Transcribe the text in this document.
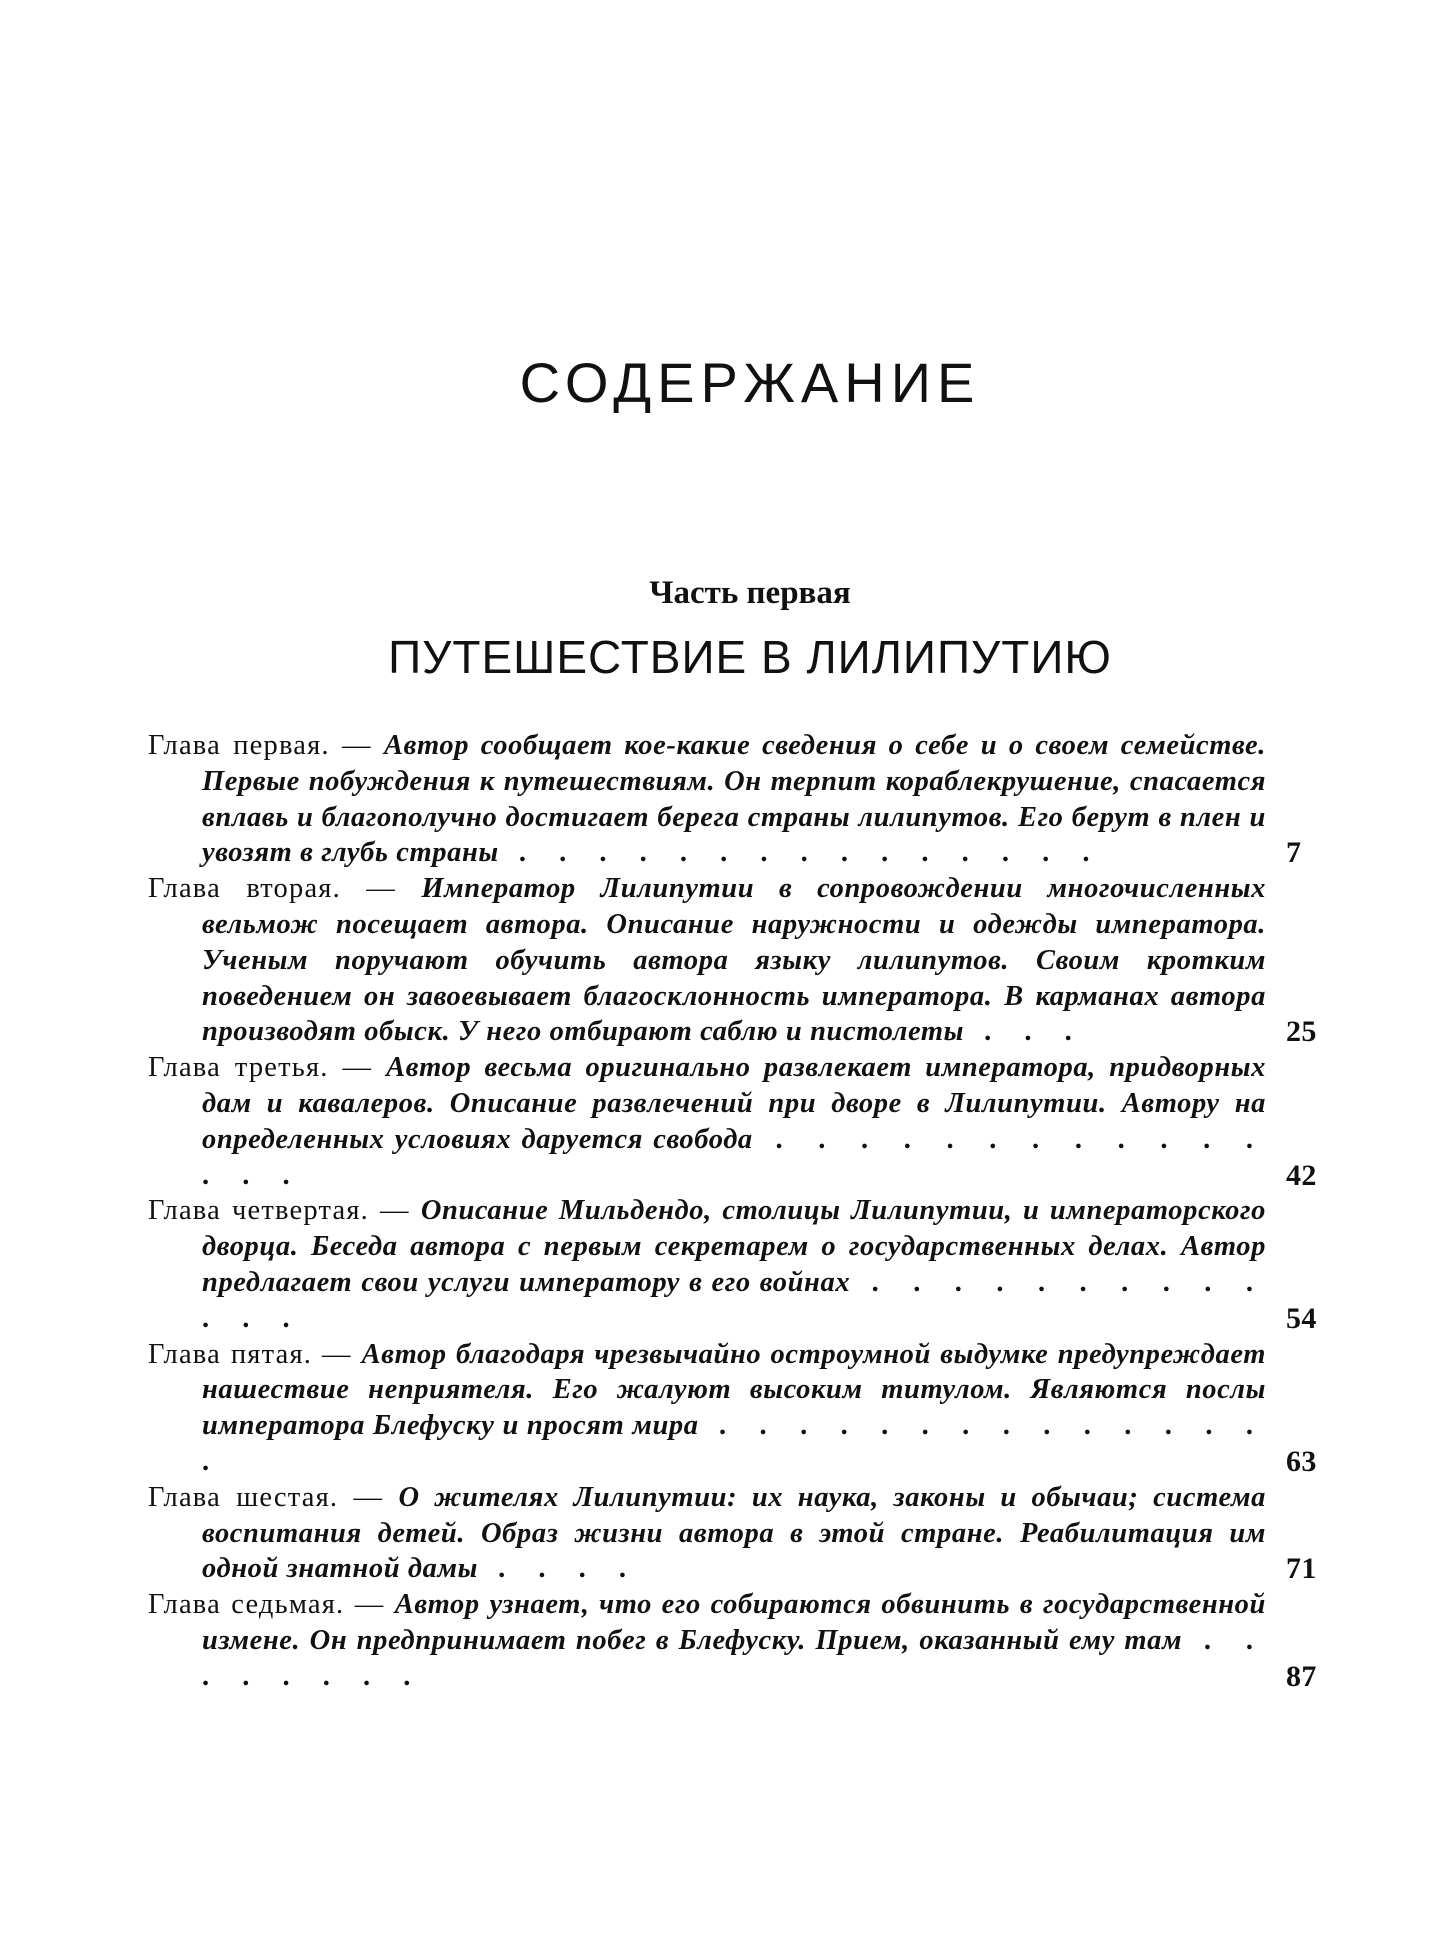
СОДЕРЖАНИЕ
Часть первая
ПУТЕШЕСТВИЕ В ЛИЛИПУТИЮ
Глава первая. — Автор сообщает кое-какие сведения о себе и о своем семействе. Первые побуждения к путешествиям. Он терпит кораблекрушение, спасается вплавь и благополучно достигает берега страны лилипутов. Его берут в плен и увозят в глубь страны . . . . . . . . . . . . . . .	7
Глава вторая. — Император Лилипутии в сопровождении многочисленных вельмож посещает автора. Описание наружности и одежды императора. Ученым поручают обучить автора языку лилипутов. Своим кротким поведением он завоевывает благосклонность императора. В карманах автора производят обыск. У него отбирают саблю и пистолеты . . .	25
Глава третья. — Автор весьма оригинально развлекает императора, придворных дам и кавалеров. Описание развлечений при дворе в Лилипутии. Автору на определенных условиях даруется свобода . . . . . . . . . . . . . . .	42
Глава четвертая. — Описание Мильдендо, столицы Лилипутии, и императорского дворца. Беседа автора с первым секретарем о государственных делах. Автор предлагает свои услуги императору в его войнах . . . . . . . . . . . . .	54
Глава пятая. — Автор благодаря чрезвычайно остроумной выдумке предупреждает нашествие неприятеля. Его жалуют высоким титулом. Являются послы императора Блефуску и просят мира . . . . . . . . . . . . . . .	63
Глава шестая. — О жителях Лилипутии: их наука, законы и обычаи; система воспитания детей. Образ жизни автора в этой стране. Реабилитация им одной знатной дамы . . . .	71
Глава седьмая. — Автор узнает, что его собираются обвинить в государственной измене. Он предпринимает побег в Блефуску. Прием, оказанный ему там . . . . . . . .	87
